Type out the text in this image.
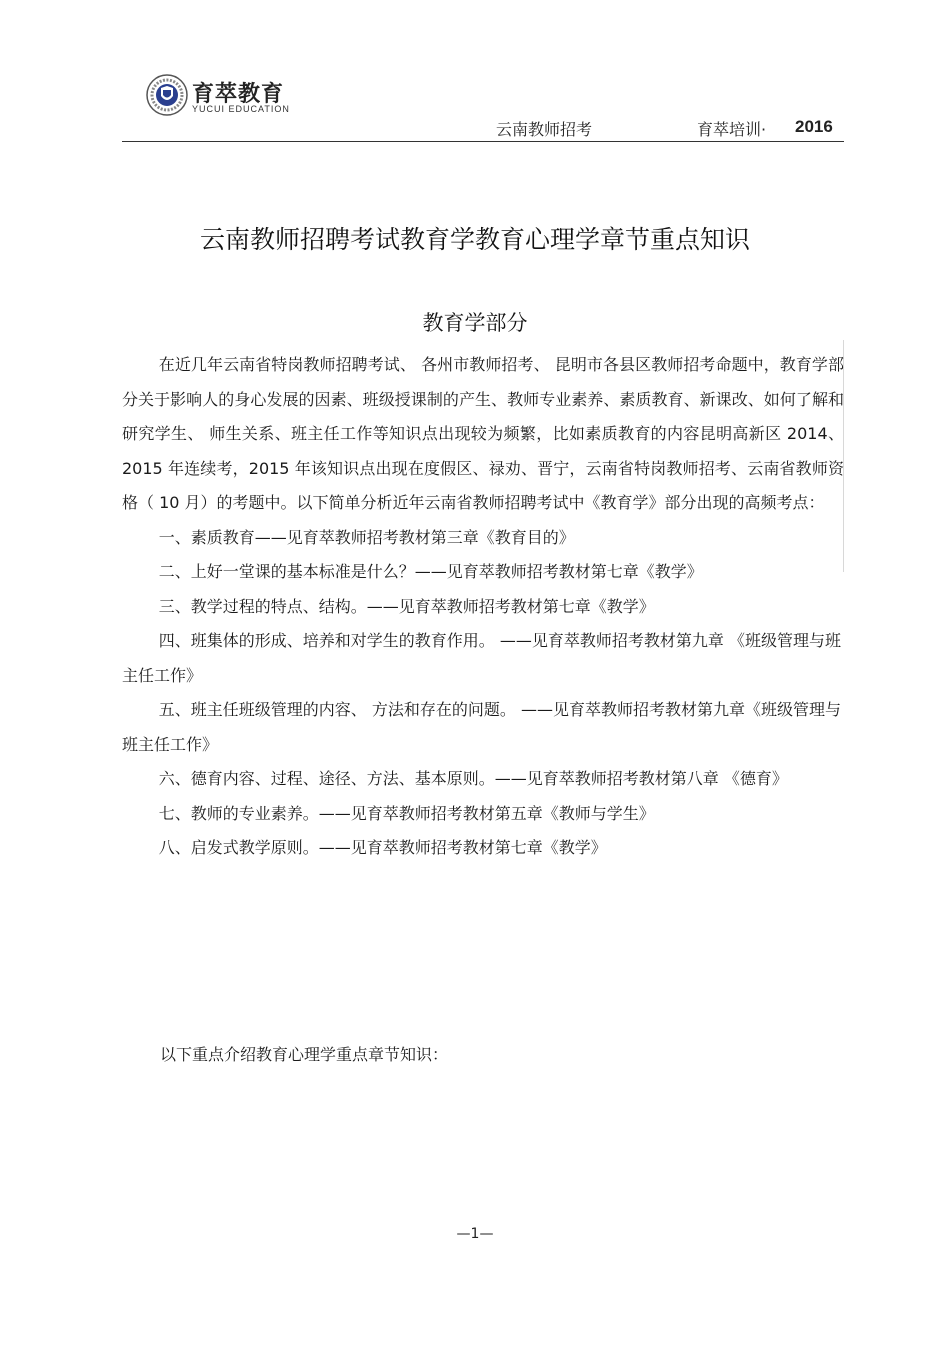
育萃教育
YUCUI EDUCATION
云南教师招考	育萃培训· 2016
云南教师招聘考试教育学教育心理学章节重点知识
教育学部分

在近几年云南省特岗教师招聘考试、 各州市教师招考、 昆明市各县区教师招考命题中，教育学部分关于影响人的身心发展的因素、班级授课制的产生、教师专业素养、素质教育、新课改、如何了解和研究学生、 师生关系、班主任工作等知识点出现较为频繁，比如素质教育的内容昆明高新区 2014、2015 年连续考，2015 年该知识点出现在度假区、禄劝、晋宁，云南省特岗教师招考、云南省教师资格（ 10 月）的考题中。以下简单分析近年云南省教师招聘考试中《教育学》部分出现的高频考点：

一、素质教育——见育萃教师招考教材第三章《教育目的》
二、上好一堂课的基本标准是什么？——见育萃教师招考教材第七章《教学》
三、教学过程的特点、结构。——见育萃教师招考教材第七章《教学》
四、班集体的形成、培养和对学生的教育作用。 ——见育萃教师招考教材第九章 《班级管理与班主任工作》
五、班主任班级管理的内容、 方法和存在的问题。 ——见育萃教师招考教材第九章《班级管理与班主任工作》
六、德育内容、过程、途径、方法、基本原则。——见育萃教师招考教材第八章 《德育》
七、教师的专业素养。——见育萃教师招考教材第五章《教师与学生》
八、启发式教学原则。——见育萃教师招考教材第七章《教学》
以下重点介绍教育心理学重点章节知识：
—1—
